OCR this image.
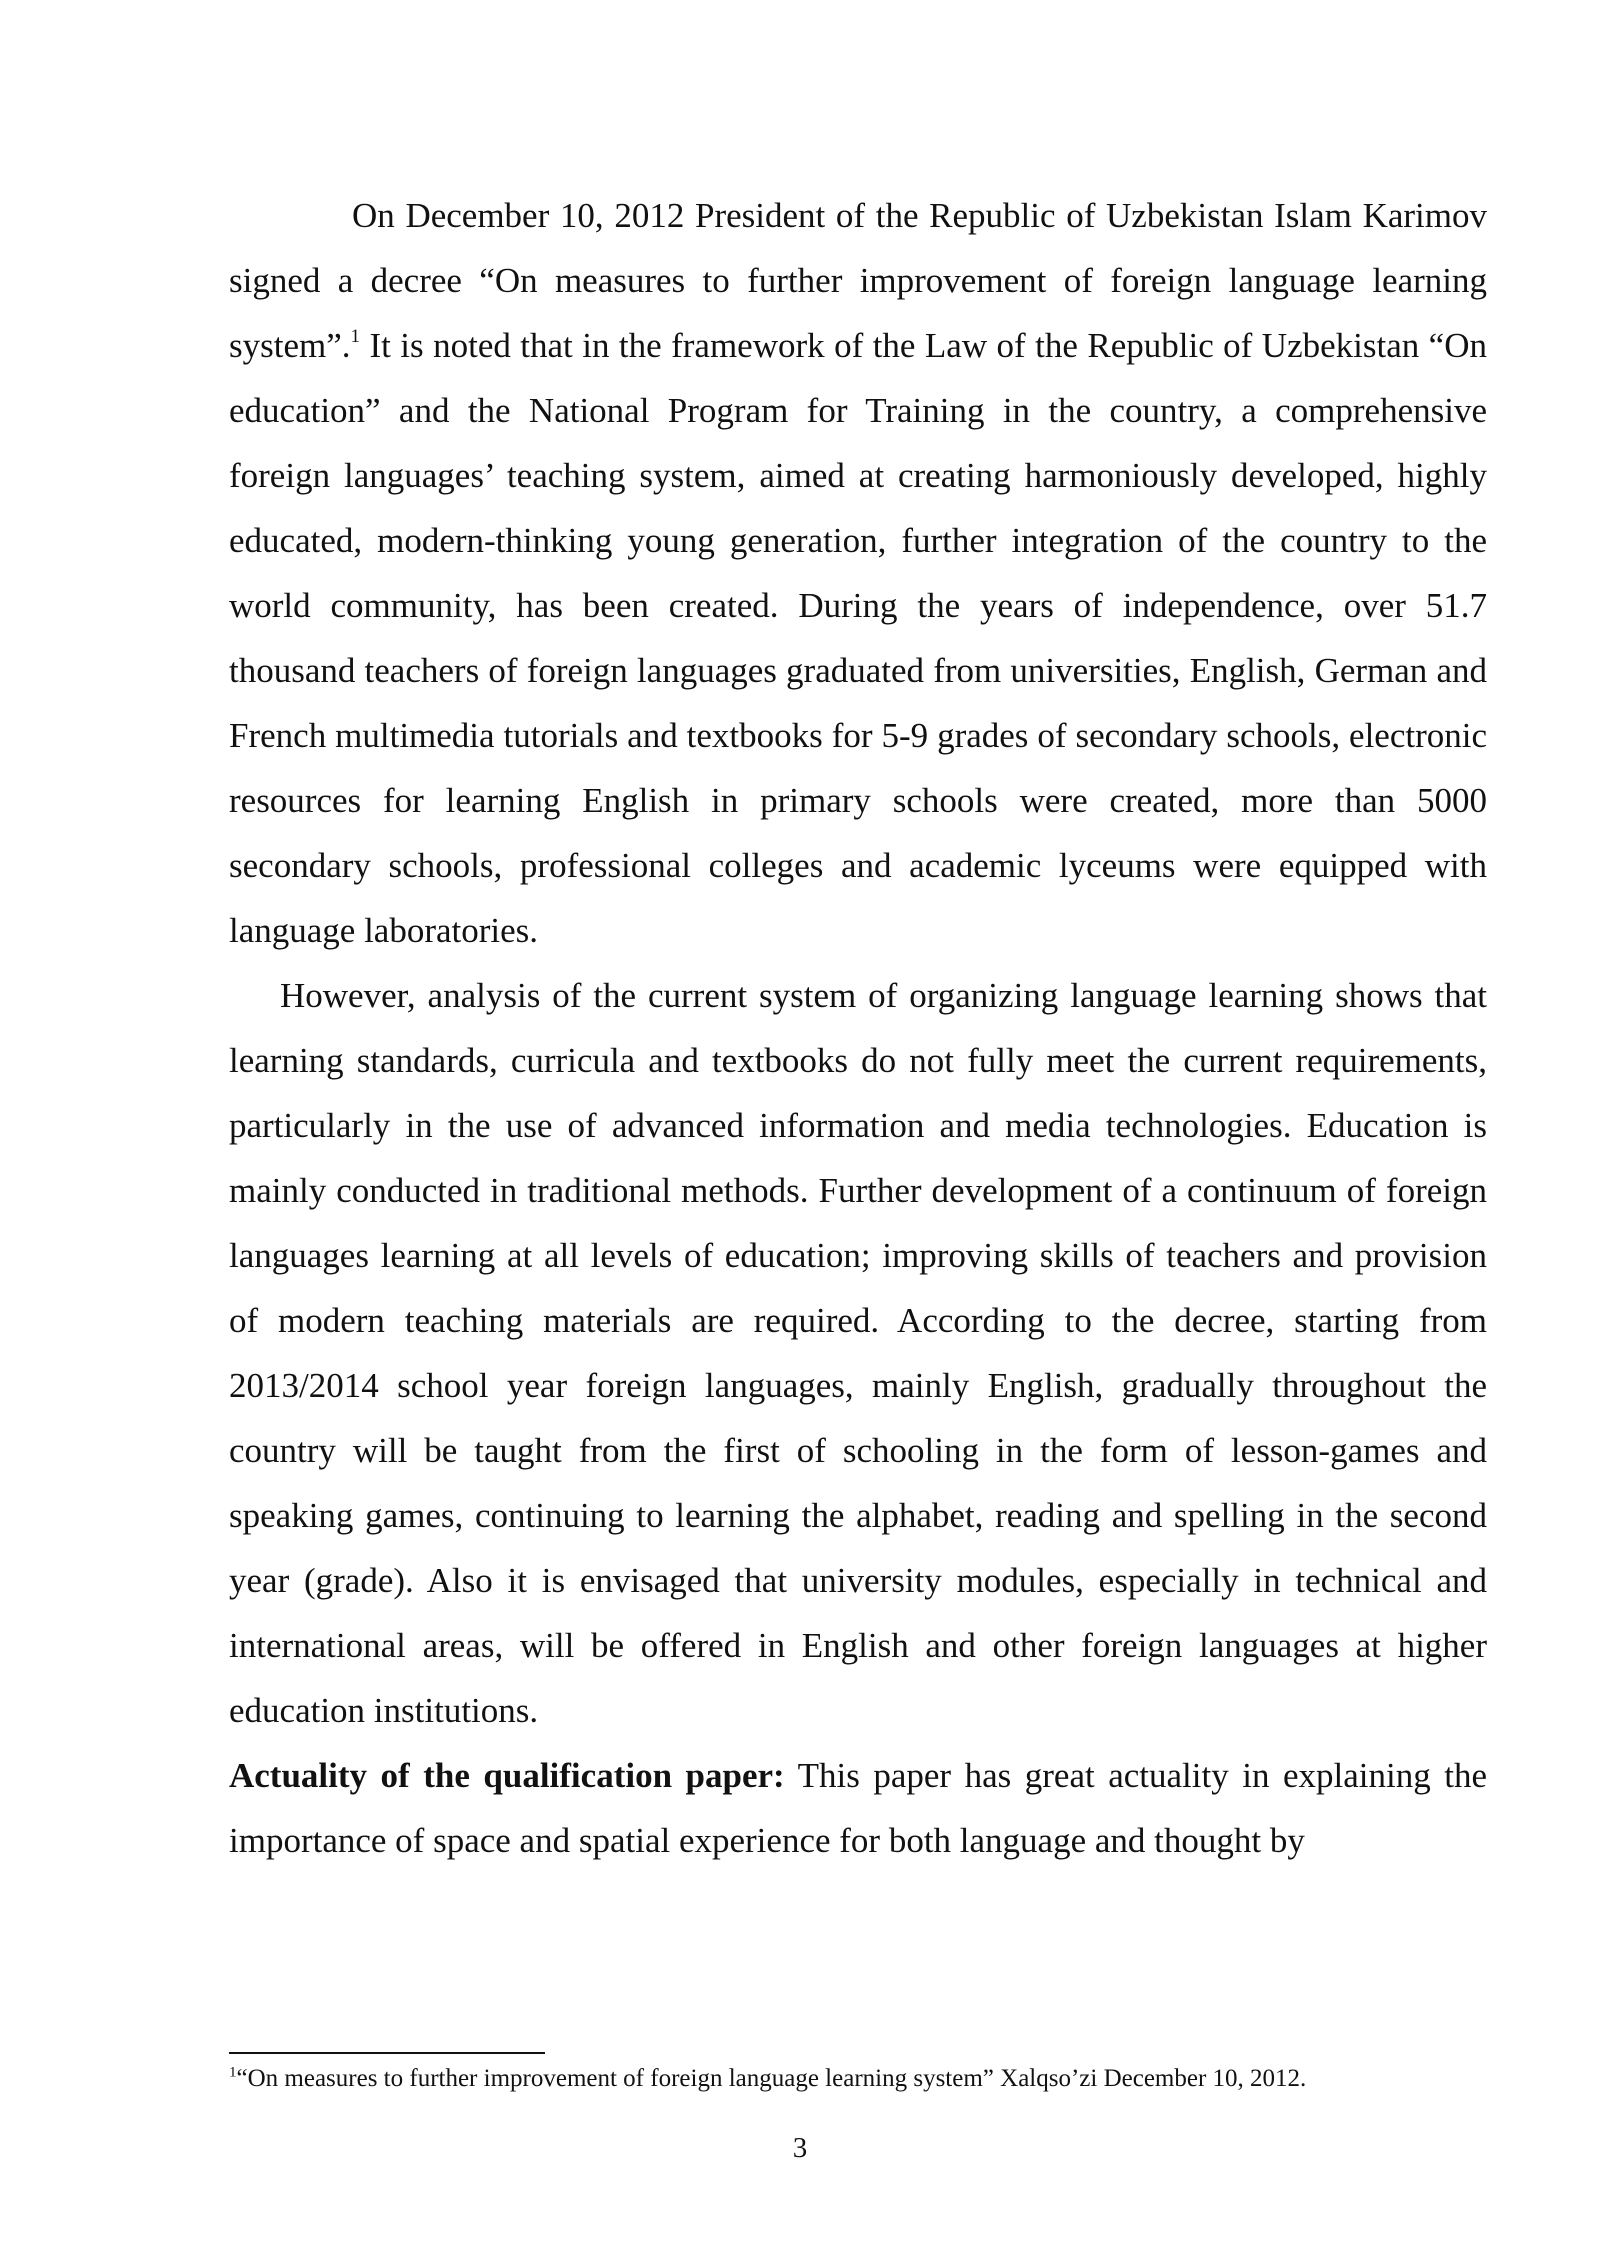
On December 10, 2012 President of the Republic of Uzbekistan Islam Karimov signed a decree “On measures to further improvement of foreign language learning system”.$^1$ It is noted that in the framework of the Law of the Republic of Uzbekistan “On education” and the National Program for Training in the country, a comprehensive foreign languages’ teaching system, aimed at creating harmoniously developed, highly educated, modern-thinking young generation, further integration of the country to the world community, has been created. During the years of independence, over 51.7 thousand teachers of foreign languages graduated from universities, English, German and French multimedia tutorials and textbooks for 5-9 grades of secondary schools, electronic resources for learning English in primary schools were created, more than 5000 secondary schools, professional colleges and academic lyceums were equipped with language laboratories.

However, analysis of the current system of organizing language learning shows that learning standards, curricula and textbooks do not fully meet the current requirements, particularly in the use of advanced information and media technologies. Education is mainly conducted in traditional methods. Further development of a continuum of foreign languages learning at all levels of education; improving skills of teachers and provision of modern teaching materials are required. According to the decree, starting from 2013/2014 school year foreign languages, mainly English, gradually throughout the country will be taught from the first of schooling in the form of lesson-games and speaking games, continuing to learning the alphabet, reading and spelling in the second year (grade). Also it is envisaged that university modules, especially in technical and international areas, will be offered in English and other foreign languages at higher education institutions.

Actuality of the qualification paper: This paper has great actuality in explaining the importance of space and spatial experience for both language and thought by

$^1$“On measures to further improvement of foreign language learning system” Xalqso’zi December 10, 2012.
3
